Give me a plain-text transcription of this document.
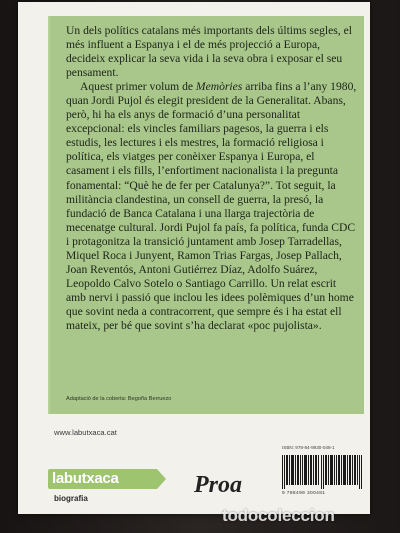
Un dels polítics catalans més importants dels últims segles, el més influent a Espanya i el de més projecció a Europa, decideix explicar la seva vida i la seva obra i exposar el seu pensament.

Aquest primer volum de Memòries arriba fins a l’any 1980, quan Jordi Pujol és elegit president de la Generalitat. Abans, però, hi ha els anys de formació d’una personalitat excepcional: els vincles familiars pagesos, la guerra i els estudis, les lectures i els mestres, la formació religiosa i política, els viatges per conèixer Espanya i Europa, el casament i els fills, l’enfortiment nacionalista i la pregunta fonamental: “Què he de fer per Catalunya?”. Tot seguit, la militància clandestina, un consell de guerra, la presó, la fundació de Banca Catalana i una llarga trajectòria de mecenatge cultural. Jordi Pujol fa país, fa política, funda CDC i protagonitza la transició juntament amb Josep Tarradellas, Miquel Roca i Junyent, Ramon Trias Fargas, Josep Pallach, Joan Reventós, Antoni Gutiérrez Díaz, Adolfo Suárez, Leopoldo Calvo Sotelo o Santiago Carrillo. Un relat escrit amb nervi i passió que inclou les idees polèmiques d’un home que sovint neda a contracorrent, que sempre és i ha estat ell mateix, per bé que sovint s’ha declarat «poc pujolista».

Adaptació de la coberta: Begoña Berruezo
www.labutxaca.cat
ISBN: 978-84-9930-048-1
9 788499 300481
labutxaca
biografia
Proa
todocoleccion
